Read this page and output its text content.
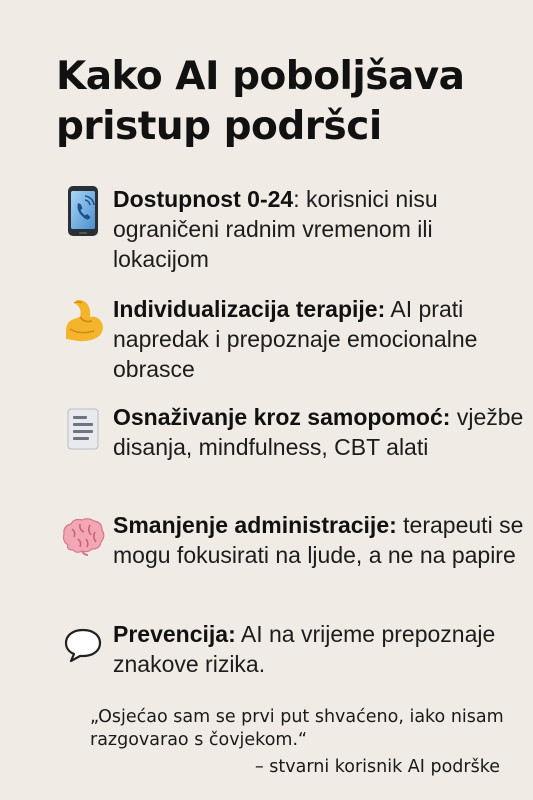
Kako AI poboljšava pristup podršci
Dostupnost 0-24: korisnici nisu ograničeni radnim vremenom ili lokacijom
Individualizacija terapije: AI prati napredak i prepoznaje emocionalne obrasce
Osnaživanje kroz samopomoć: vježbe disanja, mindfulness, CBT alati
Smanjenje administracije: terapeuti se mogu fokusirati na ljude, a ne na papire
Prevencija: AI na vrijeme prepoznaje znakove rizika.
„Osjećao sam se prvi put shvaćeno, iako nisam razgovarao s čovjekom.“
– stvarni korisnik AI podrške
